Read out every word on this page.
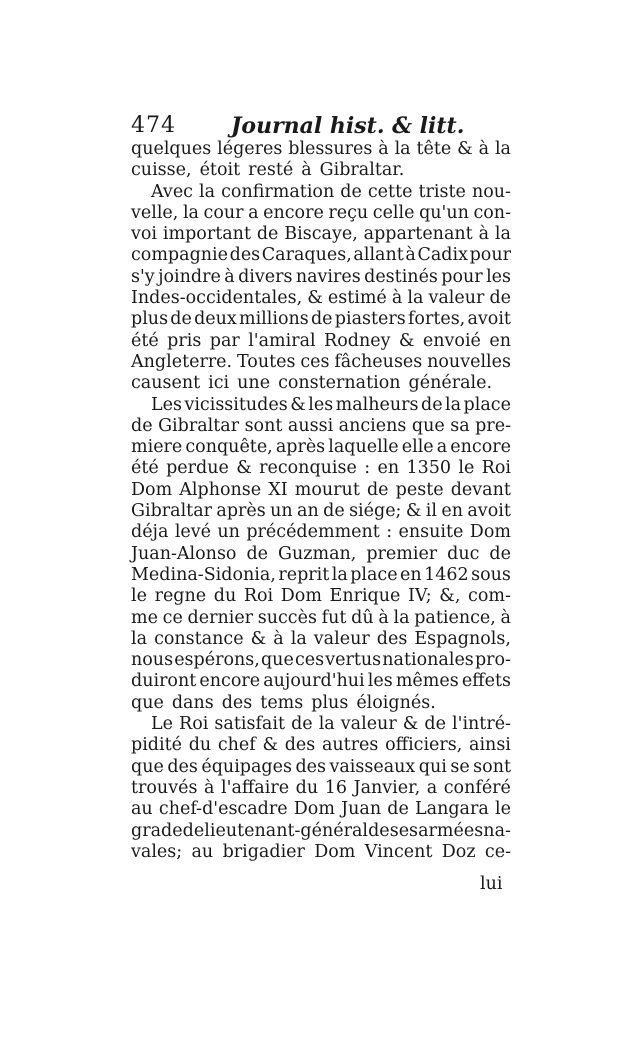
474	Journal hist. & litt.
quelques légeres blessures à la tête & à la
cuisse, étoit resté à Gibraltar.
Avec la confirmation de cette triste nou-
velle, la cour a encore reçu celle qu'un con-
voi important de Biscaye, appartenant à la
compagnie des Caraques, allant à Cadix pour
s'y joindre à divers navires destinés pour les
Indes-occidentales, & estimé à la valeur de
plus de deux millions de piasters fortes, avoit
été pris par l'amiral Rodney & envoié en
Angleterre. Toutes ces fâcheuses nouvelles
causent ici une consternation générale.
Les vicissitudes & les malheurs de la place
de Gibraltar sont aussi anciens que sa pre-
miere conquête, après laquelle elle a encore
été perdue & reconquise : en 1350 le Roi
Dom Alphonse XI mourut de peste devant
Gibraltar après un an de siége; & il en avoit
déja levé un précédemment : ensuite Dom
Juan-Alonso de Guzman, premier duc de
Medina-Sidonia, reprit la place en 1462 sous
le regne du Roi Dom Enrique IV; &, com-
me ce dernier succès fut dû à la patience, à
la constance & à la valeur des Espagnols,
nous espérons, que ces vertus nationales pro-
duiront encore aujourd'hui les mêmes effets
que dans des tems plus éloignés.
Le Roi satisfait de la valeur & de l'intré-
pidité du chef & des autres officiers, ainsi
que des équipages des vaisseaux qui se sont
trouvés à l'affaire du 16 Janvier, a conféré
au chef-d'escadre Dom Juan de Langara le
grade de lieutenant-général de ses armées na-
vales; au brigadier Dom Vincent Doz ce-
lui
